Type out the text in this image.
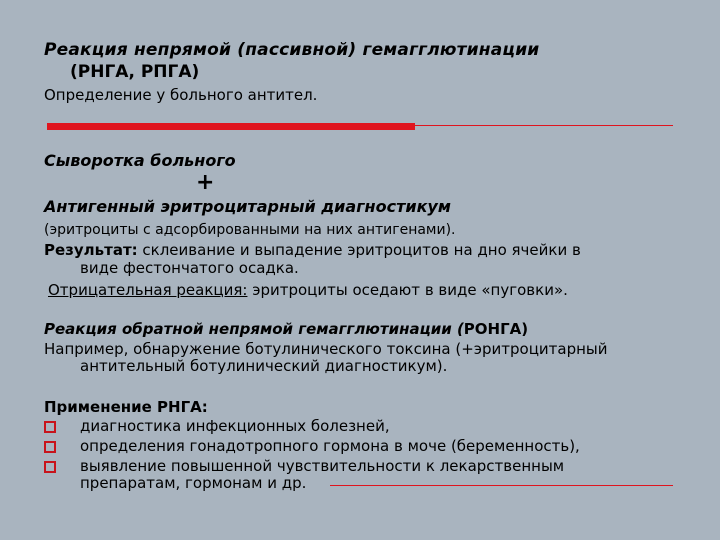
Реакция непрямой (пассивной) гемагглютинации
(РНГА, РПГА)
Определение у больного антител.
Сыворотка больного
+
Антигенный эритроцитарный диагностикум
(эритроциты с адсорбированными на них антигенами).
Результат: склеивание и выпадение эритроцитов на дно ячейки в
виде фестончатого осадка.
Отрицательная реакция: эритроциты оседают в виде «пуговки».
Реакция обратной непрямой гемагглютинации (РОНГА)
Например, обнаружение ботулинического токсина (+эритроцитарный
антительный ботулинический диагностикум).
Применение РНГА:
диагностика инфекционных болезней,
определения гонадотропного гормона в моче (беременность),
выявление повышенной чувствительности к лекарственным
препаратам, гормонам и др.
